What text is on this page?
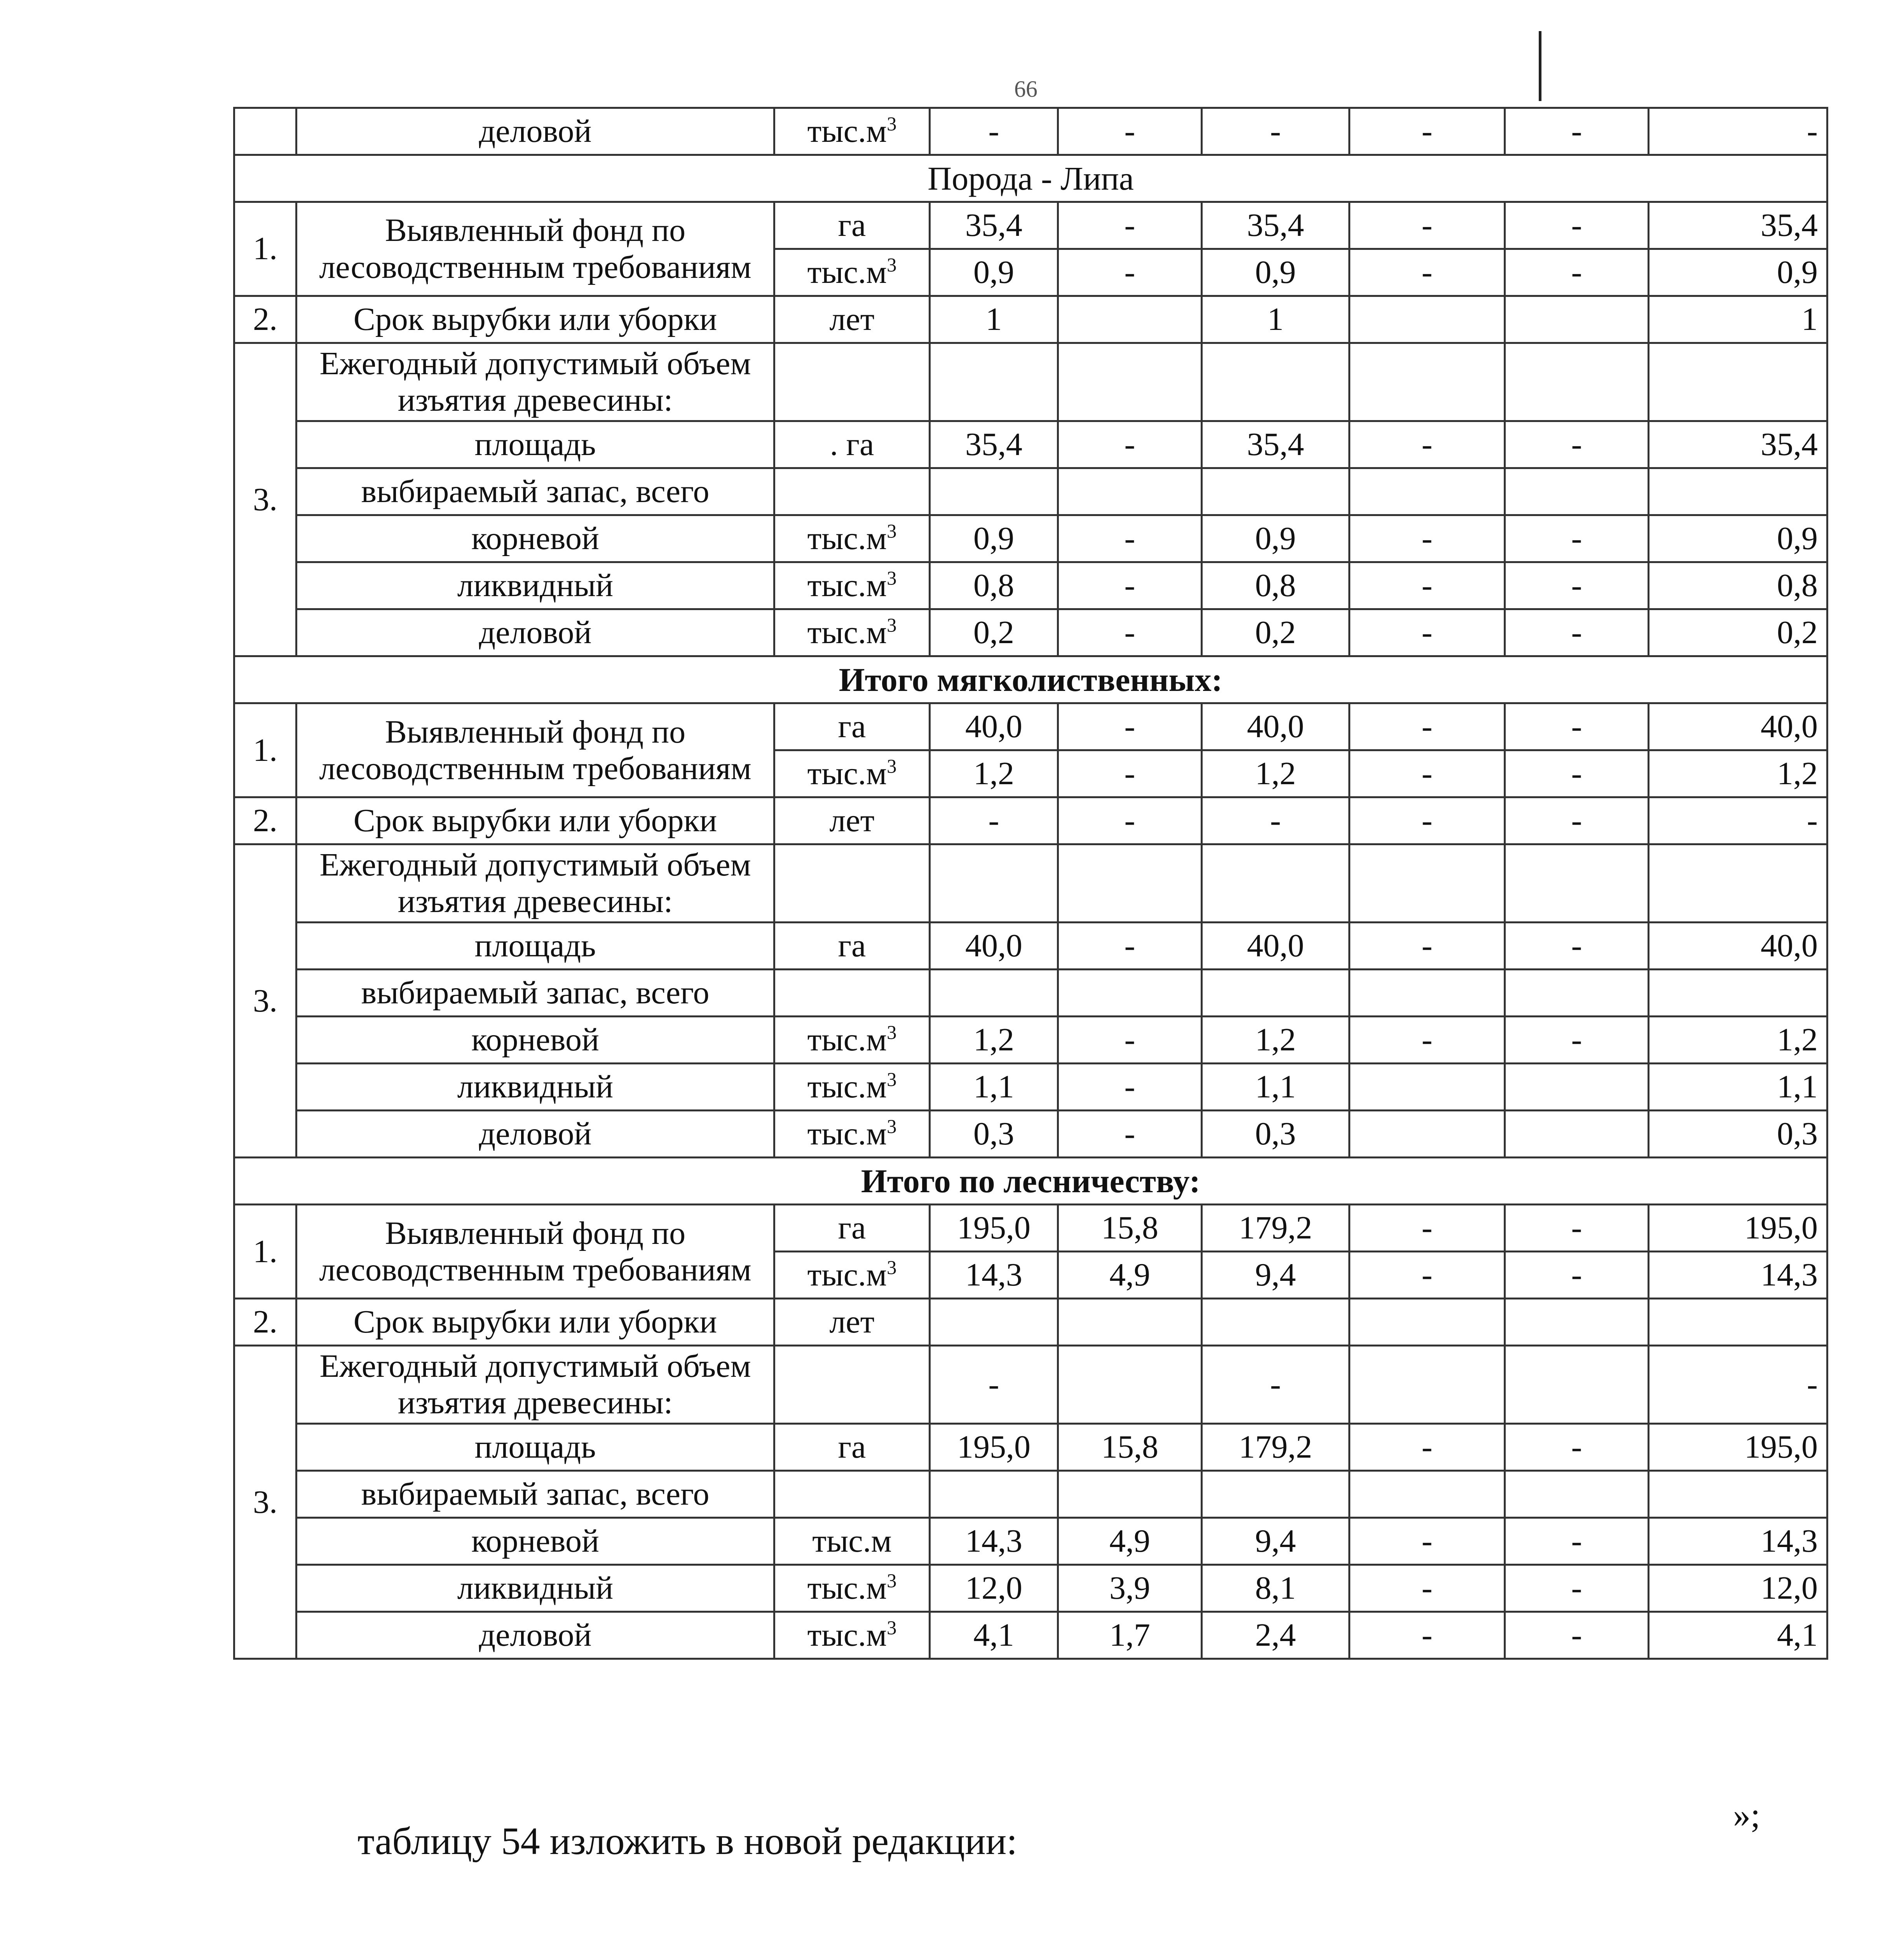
66
	деловой	$тыс.м^3$	-	-	-	-	-	-
Порода - Липа								
1.	Выявленный фонд по лесоводственным требованиям	га	35,4	-	35,4	-	-	35,4
		$тыс.м^3$	0,9	-	0,9	-	-	0,9
2.	Срок вырубки или уборки	лет	1		1			1
3.	Ежегодный допустимый объем изъятия древесины:							
	площадь	. га	35,4	-	35,4	-	-	35,4
	выбираемый запас, всего							
	корневой	$тыс.м^3$	0,9	-	0,9	-	-	0,9
	ликвидный	$тыс.м^3$	0,8	-	0,8	-	-	0,8
	деловой	$тыс.м^3$	0,2	-	0,2	-	-	0,2
Итого мягколиственных:								
1.	Выявленный фонд по лесоводственным требованиям	га	40,0	-	40,0	-	-	40,0
		$тыс.м^3$	1,2	-	1,2	-	-	1,2
2.	Срок вырубки или уборки	лет	-	-	-	-	-	-
3.	Ежегодный допустимый объем изъятия древесины:							
	площадь	га	40,0	-	40,0	-	-	40,0
	выбираемый запас, всего							
	корневой	$тыс.м^3$	1,2	-	1,2	-	-	1,2
	ликвидный	$тыс.м^3$	1,1	-	1,1			1,1
	деловой	$тыс.м^3$	0,3	-	0,3			0,3
Итого по лесничеству:								
1.	Выявленный фонд по лесоводственным требованиям	га	195,0	15,8	179,2	-	-	195,0
		$тыс.м^3$	14,3	4,9	9,4	-	-	14,3
2.	Срок вырубки или уборки	лет						
3.	Ежегодный допустимый объем изъятия древесины:		-		-			-
	площадь	га	195,0	15,8	179,2	-	-	195,0
	выбираемый запас, всего							
	корневой	тыс.м	14,3	4,9	9,4	-	-	14,3
	ликвидный	$тыс.м^3$	12,0	3,9	8,1	-	-	12,0
	деловой	$тыс.м^3$	4,1	1,7	2,4	-	-	4,1
»;
таблицу 54 изложить в новой редакции:
